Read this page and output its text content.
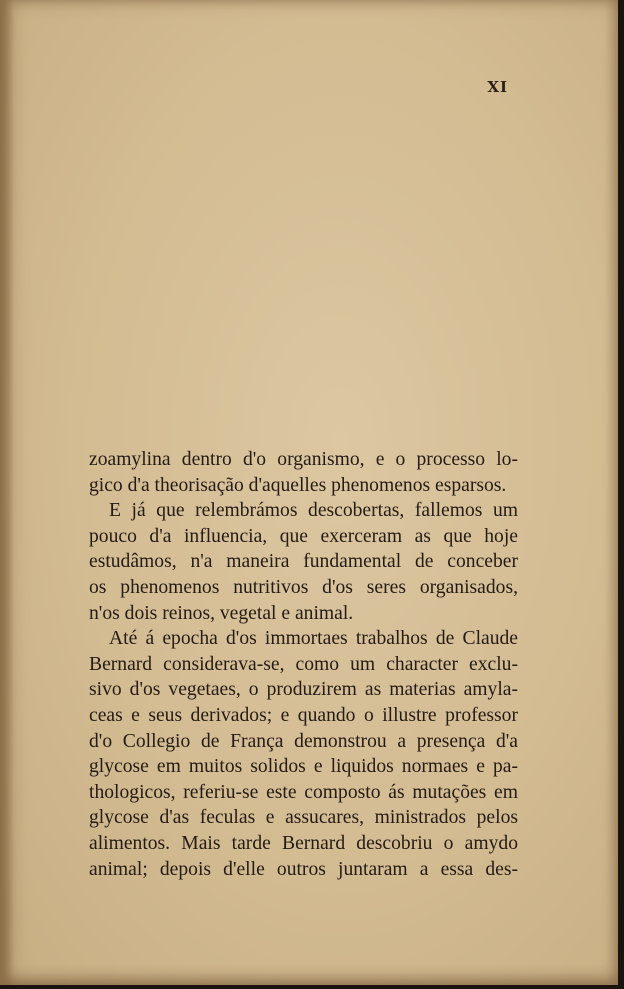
XI

zoamylina dentro d'o organismo, e o processo lo-
gico d'a theorisação d'aquelles phenomenos esparsos.

E já que relembrámos descobertas, fallemos um
pouco d'a influencia, que exerceram as que hoje
estudâmos, n'a maneira fundamental de conceber
os phenomenos nutritivos d'os seres organisados,
n'os dois reinos, vegetal e animal.

Até á epocha d'os immortaes trabalhos de Claude
Bernard considerava-se, como um character exclu-
sivo d'os vegetaes, o produzirem as materias amyla-
ceas e seus derivados; e quando o illustre professor
d'o Collegio de França demonstrou a presença d'a
glycose em muitos solidos e liquidos normaes e pa-
thologicos, referiu-se este composto ás mutações em
glycose d'as feculas e assucares, ministrados pelos
alimentos. Mais tarde Bernard descobriu o amydo
animal; depois d'elle outros juntaram a essa des-
